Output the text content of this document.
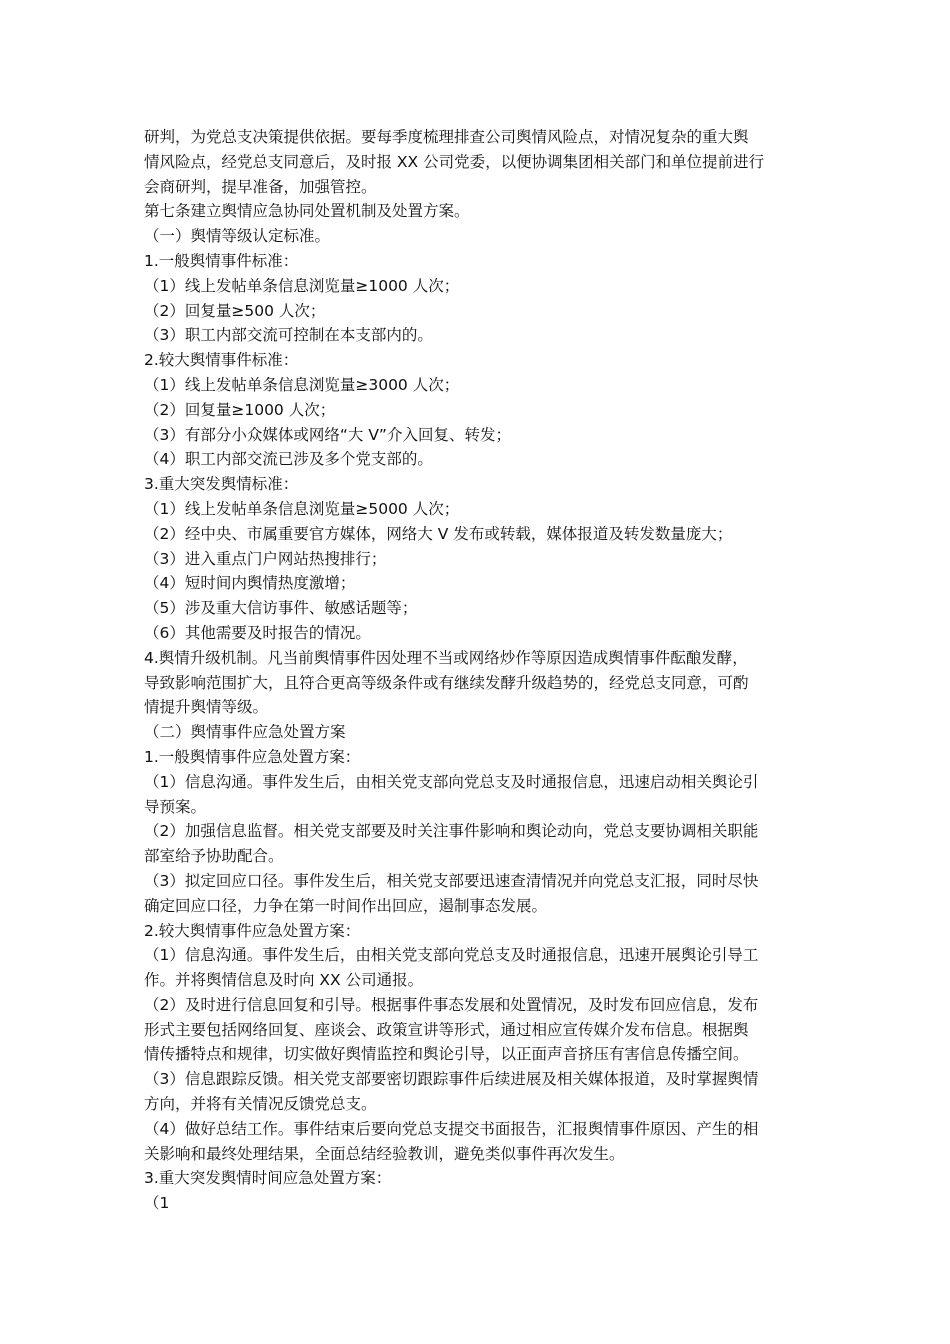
研判，为党总支决策提供依据。要每季度梳理排查公司舆情风险点，对情况复杂的重大舆
情风险点，经党总支同意后，及时报 XX 公司党委，以便协调集团相关部门和单位提前进行
会商研判，提早准备，加强管控。
第七条建立舆情应急协同处置机制及处置方案。
（一）舆情等级认定标准。
1.一般舆情事件标准：
（1）线上发帖单条信息浏览量≥1000 人次；
（2）回复量≥500 人次；
（3）职工内部交流可控制在本支部内的。
2.较大舆情事件标准：
（1）线上发帖单条信息浏览量≥3000 人次；
（2）回复量≥1000 人次；
（3）有部分小众媒体或网络“大 V”介入回复、转发；
（4）职工内部交流已涉及多个党支部的。
3.重大突发舆情标准：
（1）线上发帖单条信息浏览量≥5000 人次；
（2）经中央、市属重要官方媒体，网络大 V 发布或转载，媒体报道及转发数量庞大；
（3）进入重点门户网站热搜排行；
（4）短时间内舆情热度激增；
（5）涉及重大信访事件、敏感话题等；
（6）其他需要及时报告的情况。
4.舆情升级机制。凡当前舆情事件因处理不当或网络炒作等原因造成舆情事件酝酿发酵，
导致影响范围扩大，且符合更高等级条件或有继续发酵升级趋势的，经党总支同意，可酌
情提升舆情等级。
（二）舆情事件应急处置方案
1.一般舆情事件应急处置方案：
（1）信息沟通。事件发生后，由相关党支部向党总支及时通报信息，迅速启动相关舆论引
导预案。
（2）加强信息监督。相关党支部要及时关注事件影响和舆论动向，党总支要协调相关职能
部室给予协助配合。
（3）拟定回应口径。事件发生后，相关党支部要迅速查清情况并向党总支汇报，同时尽快
确定回应口径，力争在第一时间作出回应，遏制事态发展。
2.较大舆情事件应急处置方案：
（1）信息沟通。事件发生后，由相关党支部向党总支及时通报信息，迅速开展舆论引导工
作。并将舆情信息及时向 XX 公司通报。
（2）及时进行信息回复和引导。根据事件事态发展和处置情况，及时发布回应信息，发布
形式主要包括网络回复、座谈会、政策宣讲等形式，通过相应宣传媒介发布信息。根据舆
情传播特点和规律，切实做好舆情监控和舆论引导，以正面声音挤压有害信息传播空间。
（3）信息跟踪反馈。相关党支部要密切跟踪事件后续进展及相关媒体报道，及时掌握舆情
方向，并将有关情况反馈党总支。
（4）做好总结工作。事件结束后要向党总支提交书面报告，汇报舆情事件原因、产生的相
关影响和最终处理结果，全面总结经验教训，避免类似事件再次发生。
3.重大突发舆情时间应急处置方案：
（1
